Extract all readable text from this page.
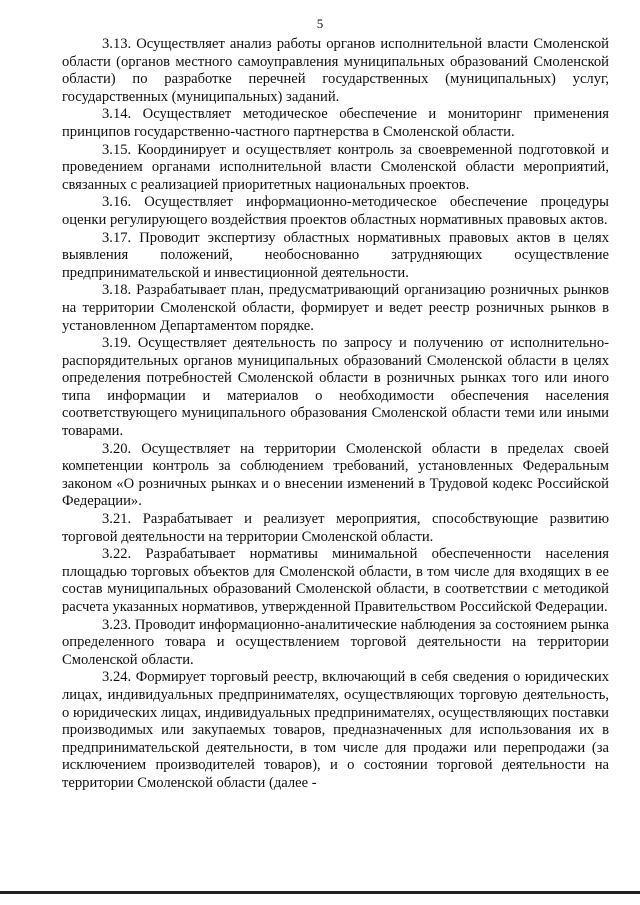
5

3.13. Осуществляет анализ работы органов исполнительной власти Смоленской области (органов местного самоуправления муниципальных образований Смоленской области) по разработке перечней государственных (муниципальных) услуг, государственных (муниципальных) заданий.

3.14. Осуществляет методическое обеспечение и мониторинг применения принципов государственно-частного партнерства в Смоленской области.

3.15. Координирует и осуществляет контроль за своевременной подготовкой и проведением органами исполнительной власти Смоленской области мероприятий, связанных с реализацией приоритетных национальных проектов.

3.16. Осуществляет информационно-методическое обеспечение процедуры оценки регулирующего воздействия проектов областных нормативных правовых актов.

3.17. Проводит экспертизу областных нормативных правовых актов в целях выявления положений, необоснованно затрудняющих осуществление предпринимательской и инвестиционной деятельности.

3.18. Разрабатывает план, предусматривающий организацию розничных рынков на территории Смоленской области, формирует и ведет реестр розничных рынков в установленном Департаментом порядке.

3.19. Осуществляет деятельность по запросу и получению от исполнительно-распорядительных органов муниципальных образований Смоленской области в целях определения потребностей Смоленской области в розничных рынках того или иного типа информации и материалов о необходимости обеспечения населения соответствующего муниципального образования Смоленской области теми или иными товарами.

3.20. Осуществляет на территории Смоленской области в пределах своей компетенции контроль за соблюдением требований, установленных Федеральным законом «О розничных рынках и о внесении изменений в Трудовой кодекс Российской Федерации».

3.21. Разрабатывает и реализует мероприятия, способствующие развитию торговой деятельности на территории Смоленской области.

3.22. Разрабатывает нормативы минимальной обеспеченности населения площадью торговых объектов для Смоленской области, в том числе для входящих в ее состав муниципальных образований Смоленской области, в соответствии с методикой расчета указанных нормативов, утвержденной Правительством Российской Федерации.

3.23. Проводит информационно-аналитические наблюдения за состоянием рынка определенного товара и осуществлением торговой деятельности на территории Смоленской области.

3.24. Формирует торговый реестр, включающий в себя сведения о юридических лицах, индивидуальных предпринимателях, осуществляющих торговую деятельность, о юридических лицах, индивидуальных предпринимателях, осуществляющих поставки производимых или закупаемых товаров, предназначенных для использования их в предпринимательской деятельности, в том числе для продажи или перепродажи (за исключением производителей товаров), и о состоянии торговой деятельности на территории Смоленской области (далее -
